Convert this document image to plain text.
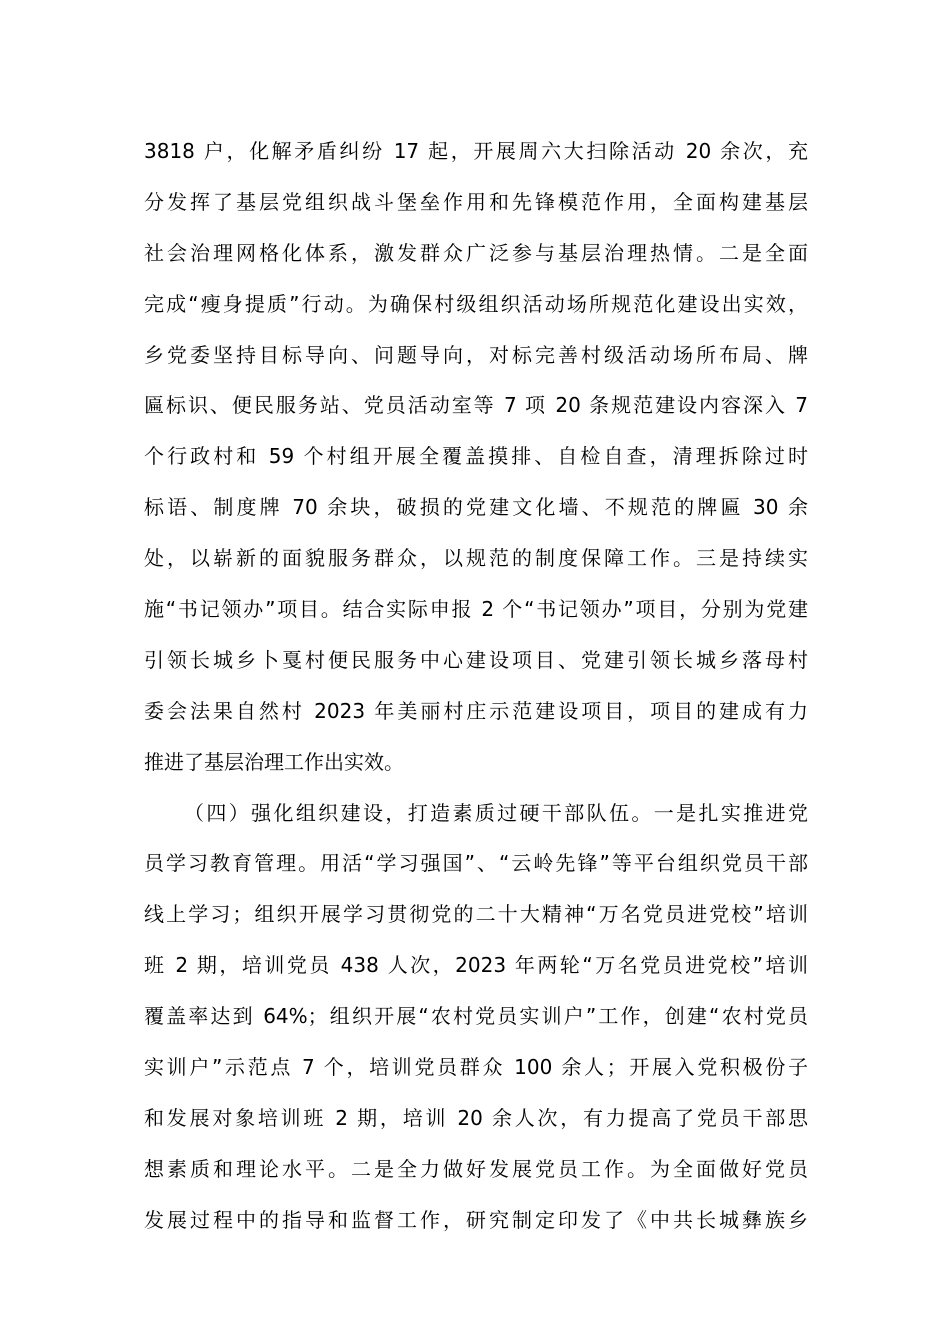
3818 户，化解矛盾纠纷 17 起，开展周六大扫除活动 20 余次，充
分发挥了基层党组织战斗堡垒作用和先锋模范作用，全面构建基层
社会治理网格化体系，激发群众广泛参与基层治理热情。二是全面
完成“瘦身提质”行动。为确保村级组织活动场所规范化建设出实效，
乡党委坚持目标导向、问题导向，对标完善村级活动场所布局、牌
匾标识、便民服务站、党员活动室等 7 项 20 条规范建设内容深入 7
个行政村和 59 个村组开展全覆盖摸排、自检自查，清理拆除过时
标语、制度牌 70 余块，破损的党建文化墙、不规范的牌匾 30 余
处，以崭新的面貌服务群众，以规范的制度保障工作。三是持续实
施“书记领办”项目。结合实际申报 2 个“书记领办”项目，分别为党建
引领长城乡卜戛村便民服务中心建设项目、党建引领长城乡落母村
委会法果自然村 2023 年美丽村庄示范建设项目，项目的建成有力
推进了基层治理工作出实效。
（四）强化组织建设，打造素质过硬干部队伍。一是扎实推进党
员学习教育管理。用活“学习强国”、“云岭先锋”等平台组织党员干部
线上学习；组织开展学习贯彻党的二十大精神“万名党员进党校”培训
班 2 期，培训党员 438 人次，2023 年两轮“万名党员进党校”培训
覆盖率达到 64%；组织开展“农村党员实训户”工作，创建“农村党员
实训户”示范点 7 个，培训党员群众 100 余人；开展入党积极份子
和发展对象培训班 2 期，培训 20 余人次，有力提高了党员干部思
想素质和理论水平。二是全力做好发展党员工作。为全面做好党员
发展过程中的指导和监督工作，研究制定印发了《中共长城彝族乡
